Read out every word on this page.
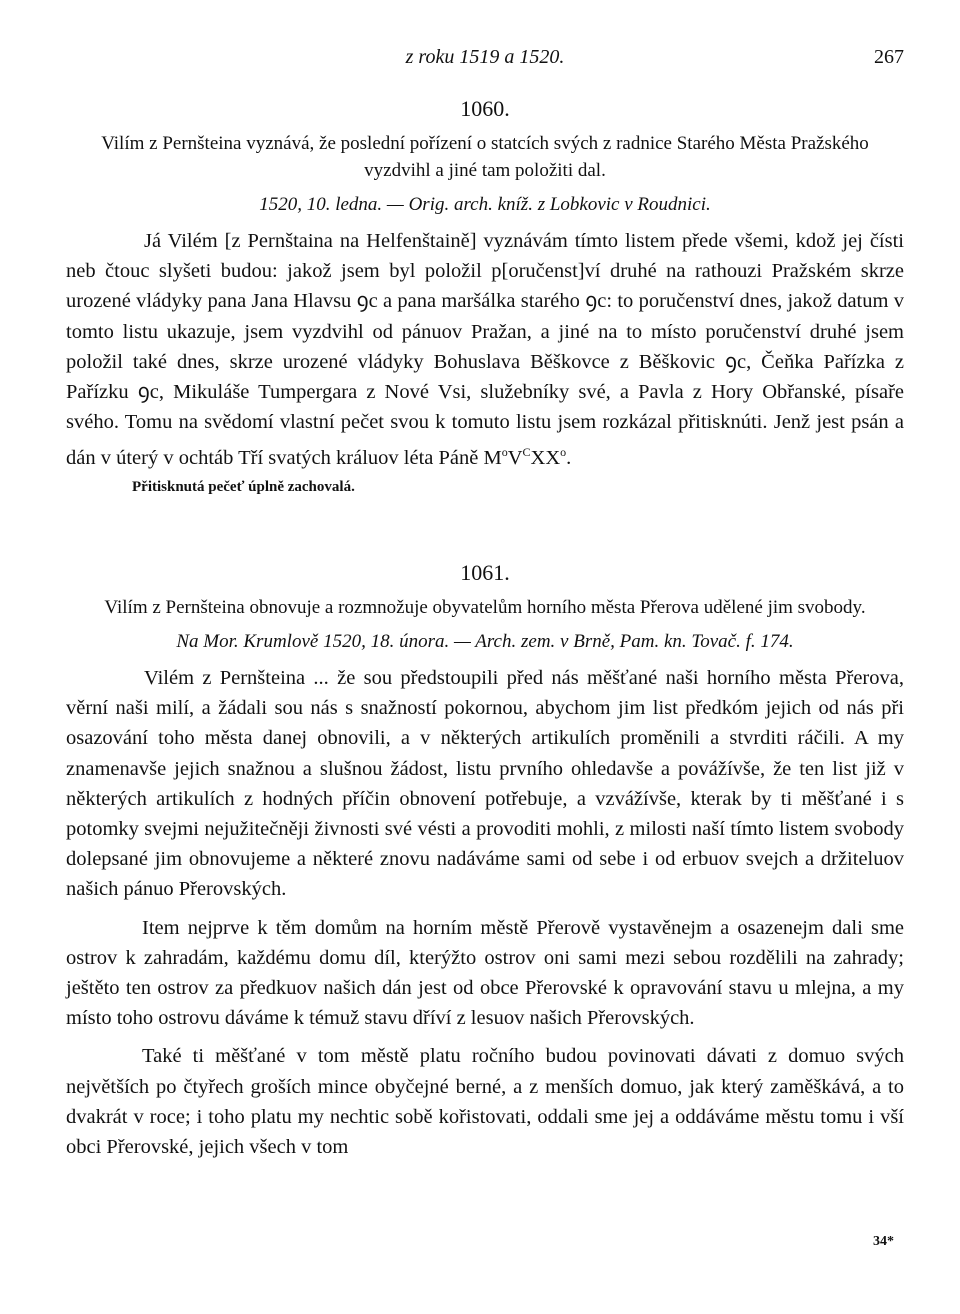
z roku 1519 a 1520.	267

1060.

Vilím z Pernšteina vyznává, že poslední pořízení o statcích svých z radnice Starého Města Pražského vyzdvihl a jiné tam položiti dal.

1520, 10. ledna. — Orig. arch. kníž. z Lobkovic v Roudnici.

Já Vilém [z Pernštaina na Helfenštaině] vyznávám tímto listem přede všemi, kdož jej čísti neb čtouc slyšeti budou: jakož jsem byl položil p[oručenst]ví druhé na rathouzi Pražském skrze urozené vládyky pana Jana Hlavsu ꝯc a pana maršálka starého ꝯc: to poručenství dnes, jakož datum v tomto listu ukazuje, jsem vyzdvihl od pánuov Pražan, a jiné na to místo poručenství druhé jsem položil také dnes, skrze urozené vládyky Bohuslava Běškovce z Běškovic ꝯc, Čeňka Pařízka z Pařízku ꝯc, Mikuláše Tumpergara z Nové Vsi, služebníky své, a Pavla z Hory Obřanské, písaře svého. Tomu na svědomí vlastní pečet svou k tomuto listu jsem rozkázal přitisknúti. Jenž jest psán a dán v úterý v ochtáb Tří svatých králuov léta Páně $M^oV^CXX^o$.

Přitisknutá pečeť úplně zachovalá.

1061.

Vilím z Pernšteina obnovuje a rozmnožuje obyvatelům horního města Přerova udělené jim svobody.

Na Mor. Krumlově 1520, 18. února. — Arch. zem. v Brně, Pam. kn. Tovač. f. 174.

Vilém z Pernšteina ... že sou předstoupili před nás měšťané naši horního města Přerova, věrní naši milí, a žádali sou nás s snažností pokornou, abychom jim list předkóm jejich od nás při osazování toho města danej obnovili, a v některých artikulích proměnili a stvrditi ráčili. A my znamenavše jejich snažnou a slušnou žádost, listu prvního ohledavše a povážívše, že ten list již v některých artikulích z hodných příčin obnovení potřebuje, a vzvážívše, kterak by ti měšťané i s potomky svejmi nejužitečněji živnosti své vésti a provoditi mohli, z milosti naší tímto listem svobody dolepsané jim obnovujeme a některé znovu nadáváme sami od sebe i od erbuov svejch a držiteluov našich pánuo Přerovských.

Item nejprve k těm domům na horním městě Přerově vystavěnejm a osazenejm dali sme ostrov k zahradám, každému domu díl, kterýžto ostrov oni sami mezi sebou rozdělili na zahrady; ještěto ten ostrov za předkuov našich dán jest od obce Přerovské k opravování stavu u mlejna, a my místo toho ostrovu dáváme k témuž stavu dříví z lesuov našich Přerovských.

Také ti měšťané v tom městě platu ročního budou povinovati dávati z domuo svých největších po čtyřech groších mince obyčejné berné, a z menších domuo, jak který zaměškává, a to dvakrát v roce; i toho platu my nechtic sobě kořistovati, oddali sme jej a oddáváme městu tomu i vší obci Přerovské, jejich všech v tom

34*
